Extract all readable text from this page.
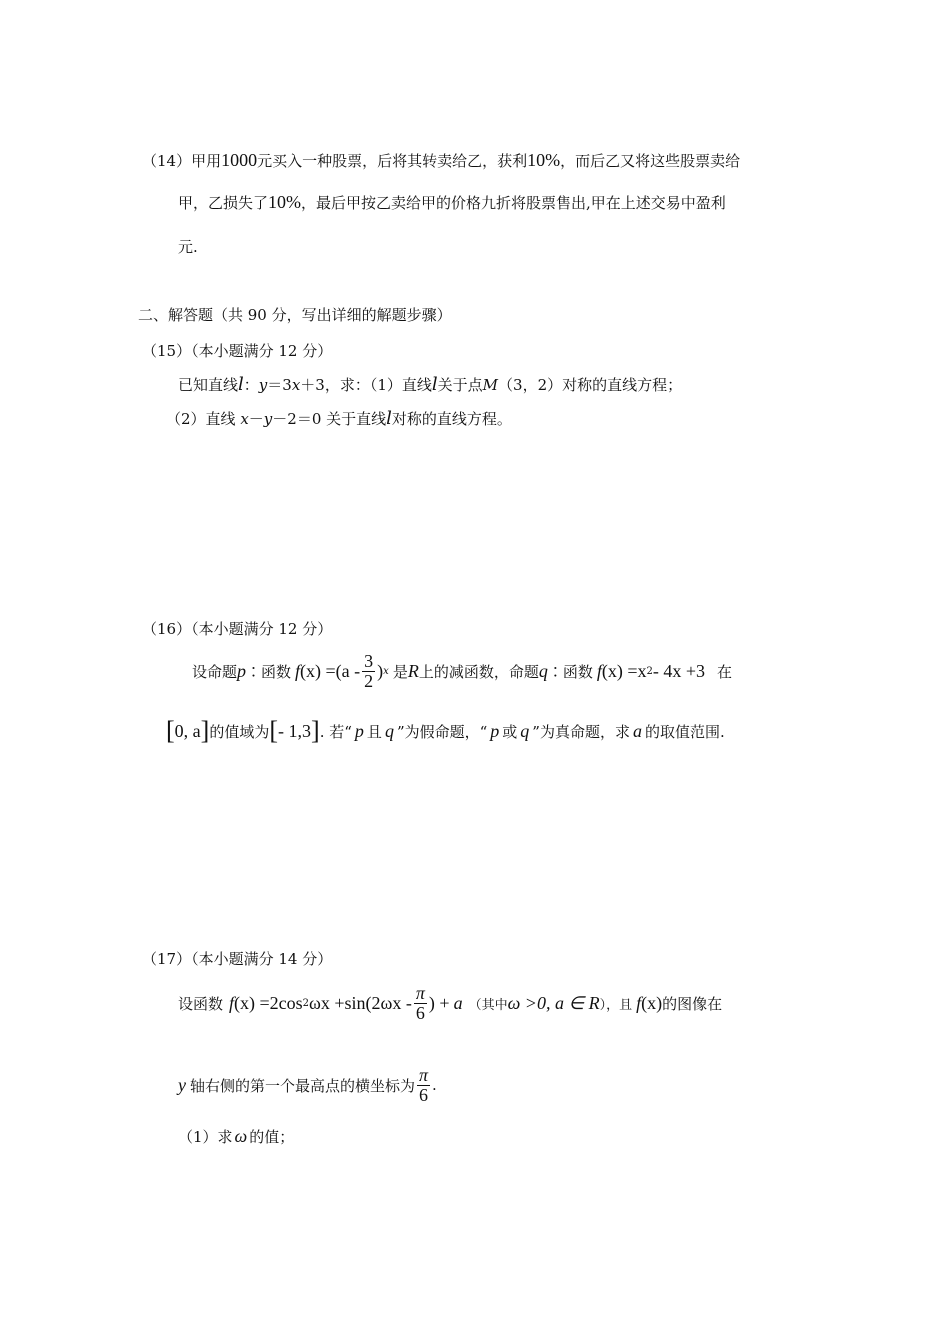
（14）甲用1000元买入一种股票，后将其转卖给乙，获利10%，而后乙又将这些股票卖给
甲，乙损失了10%，最后甲按乙卖给甲的价格九折将股票售出,甲在上述交易中盈利
元.
二、解答题（共 90 分，写出详细的解题步骤）
（15）（本小题满分 12 分）
已知直线l：y＝3x＋3，求：（1）直线l关于点M（3，2）对称的直线方程；
（2）直线 x－y－2＝0 关于直线l对称的直线方程。
（16）（本小题满分 12 分）
设命题 p ∶函数 f $(x) =(a - \frac{3}{2}$ ) x 是 R 上的减函数，命题 q ∶函数 f (x) =x 2 - 4x +3 在
[ 0, a ] 的值域为 [ - 1,3 ] . 若“ p 且 q ”为假命题，“ p 或 q ”为真命题，求 a 的取值范围.
（17）（本小题满分 14 分）
设函数 f (x) =2cos 2 $\omega x +\sin(2\omega x - \frac{\pi}{6}$ ) + a （其中 ω >0, a ∈ R ），且 f (x) 的图像在
y 轴右侧的第一个最高点的横坐标为 $\frac{\pi}{6}$ .
（1）求 ω 的值；
